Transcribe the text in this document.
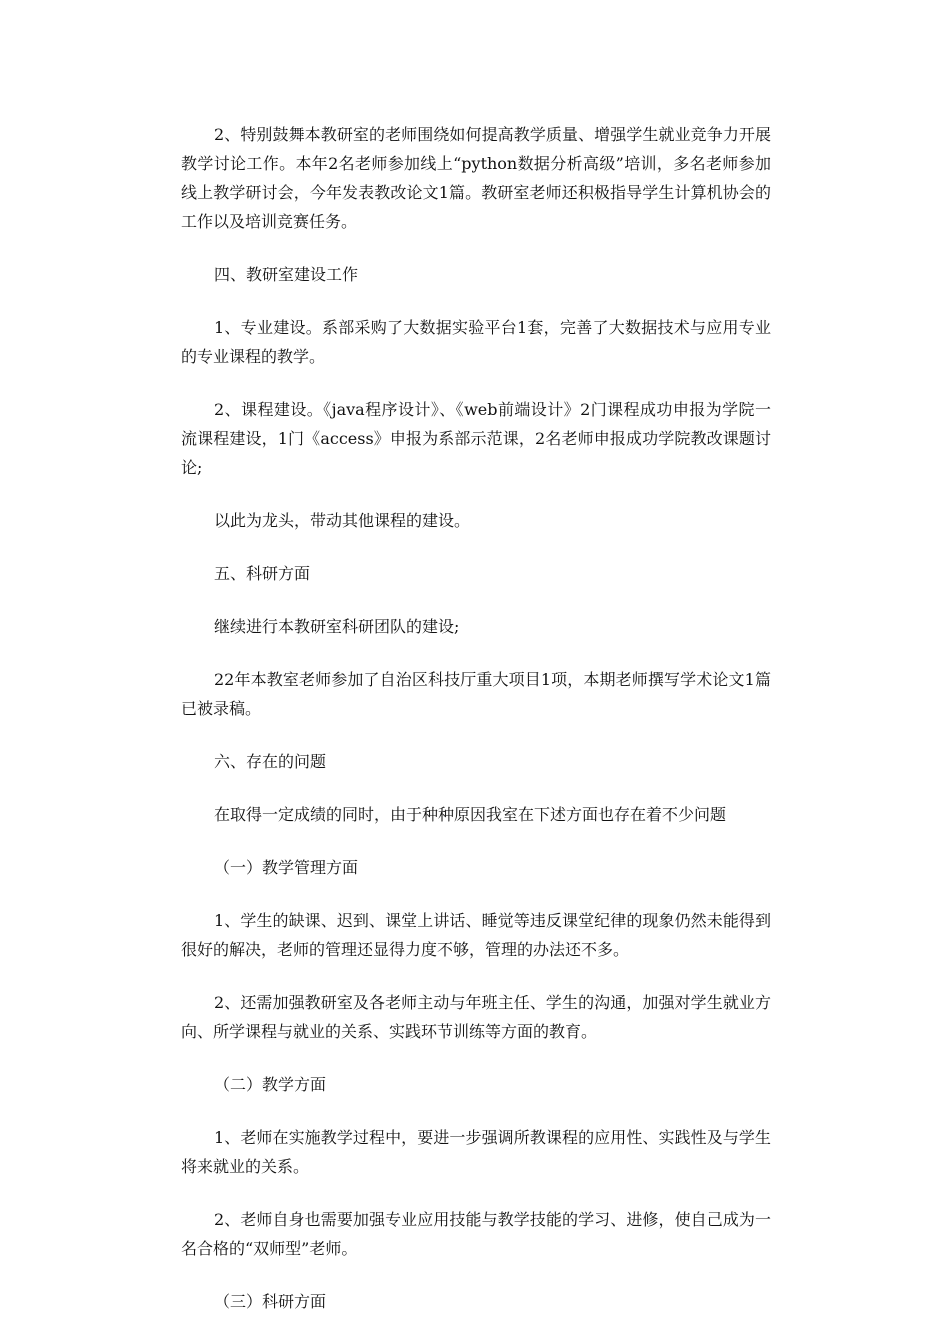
2、特别鼓舞本教研室的老师围绕如何提高教学质量、增强学生就业竞争力开展教学讨论工作。本年2名老师参加线上“python数据分析高级”培训，多名老师参加线上教学研讨会，今年发表教改论文1篇。教研室老师还积极指导学生计算机协会的工作以及培训竞赛任务。

四、教研室建设工作

1、专业建设。系部采购了大数据实验平台1套，完善了大数据技术与应用专业的专业课程的教学。

2、课程建设。《java程序设计》、《web前端设计》2门课程成功申报为学院一流课程建设，1门《access》申报为系部示范课，2名老师申报成功学院教改课题讨论;

以此为龙头，带动其他课程的建设。

五、科研方面

继续进行本教研室科研团队的建设;

22年本教室老师参加了自治区科技厅重大项目1项，本期老师撰写学术论文1篇已被录稿。

六、存在的问题

在取得一定成绩的同时，由于种种原因我室在下述方面也存在着不少问题

（一）教学管理方面

1、学生的缺课、迟到、课堂上讲话、睡觉等违反课堂纪律的现象仍然未能得到很好的解决，老师的管理还显得力度不够，管理的办法还不多。

2、还需加强教研室及各老师主动与年班主任、学生的沟通，加强对学生就业方向、所学课程与就业的关系、实践环节训练等方面的教育。

（二）教学方面

1、老师在实施教学过程中，要进一步强调所教课程的应用性、实践性及与学生将来就业的关系。

2、老师自身也需要加强专业应用技能与教学技能的学习、进修，使自己成为一名合格的“双师型”老师。

（三）科研方面
